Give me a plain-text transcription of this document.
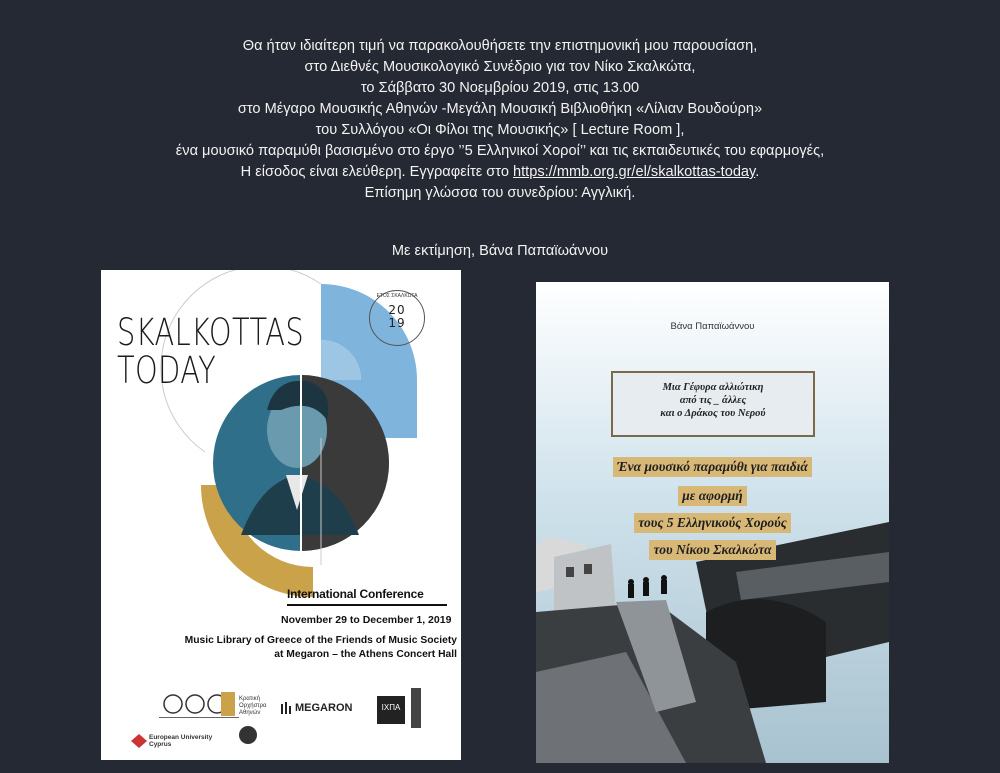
Θα ήταν ιδιαίτερη τιμή να παρακολουθήσετε την επιστημονική μου παρουσίαση,

στο Διεθνές Μουσικολογικό Συνέδριο για τον Νίκο Σκαλκώτα,

το Σάββατο 30 Νοεμβρίου 2019, στις 13.00

στο Μέγαρο Μουσικής Αθηνών -Μεγάλη Μουσική Βιβλιοθήκη «Λίλιαν Βουδούρη»

του Συλλόγου «Οι Φίλοι της Μουσικής» [ Lecture Room ],

ένα μουσικό παραμύθι βασισμένο στο έργο ’’5 Ελληνικοί Χοροί’’ και τις εκπαιδευτικές του εφαρμογές,

Η είσοδος είναι ελεύθερη. Εγγραφείτε στο https://mmb.org.gr/el/skalkottas-today.

Επίσημη γλώσσα του συνεδρίου: Αγγλική.

Με εκτίμηση, Βάνα Παπαϊωάννου
SKALKOTTAS
TODAY
ΕΤΟΣ ΣΚΑΛΚΩΤΑ
20
19
International Conference
November 29 to December 1, 2019
Music Library of Greece of the Friends of Music Society
at Megaron – the Athens Concert Hall
Κρατική Ορχήστρα Αθηνών	MEGARON	ΙΧΠΑ
European University Cyprus
Βάνα Παπαϊωάννου
Μια Γέφυρα αλλιώτικη
από τις _ άλλες
και ο Δράκος του Νερού
Ένα μουσικό παραμύθι για παιδιά
με αφορμή
τους 5 Ελληνικούς Χορούς
του Νίκου Σκαλκώτα
